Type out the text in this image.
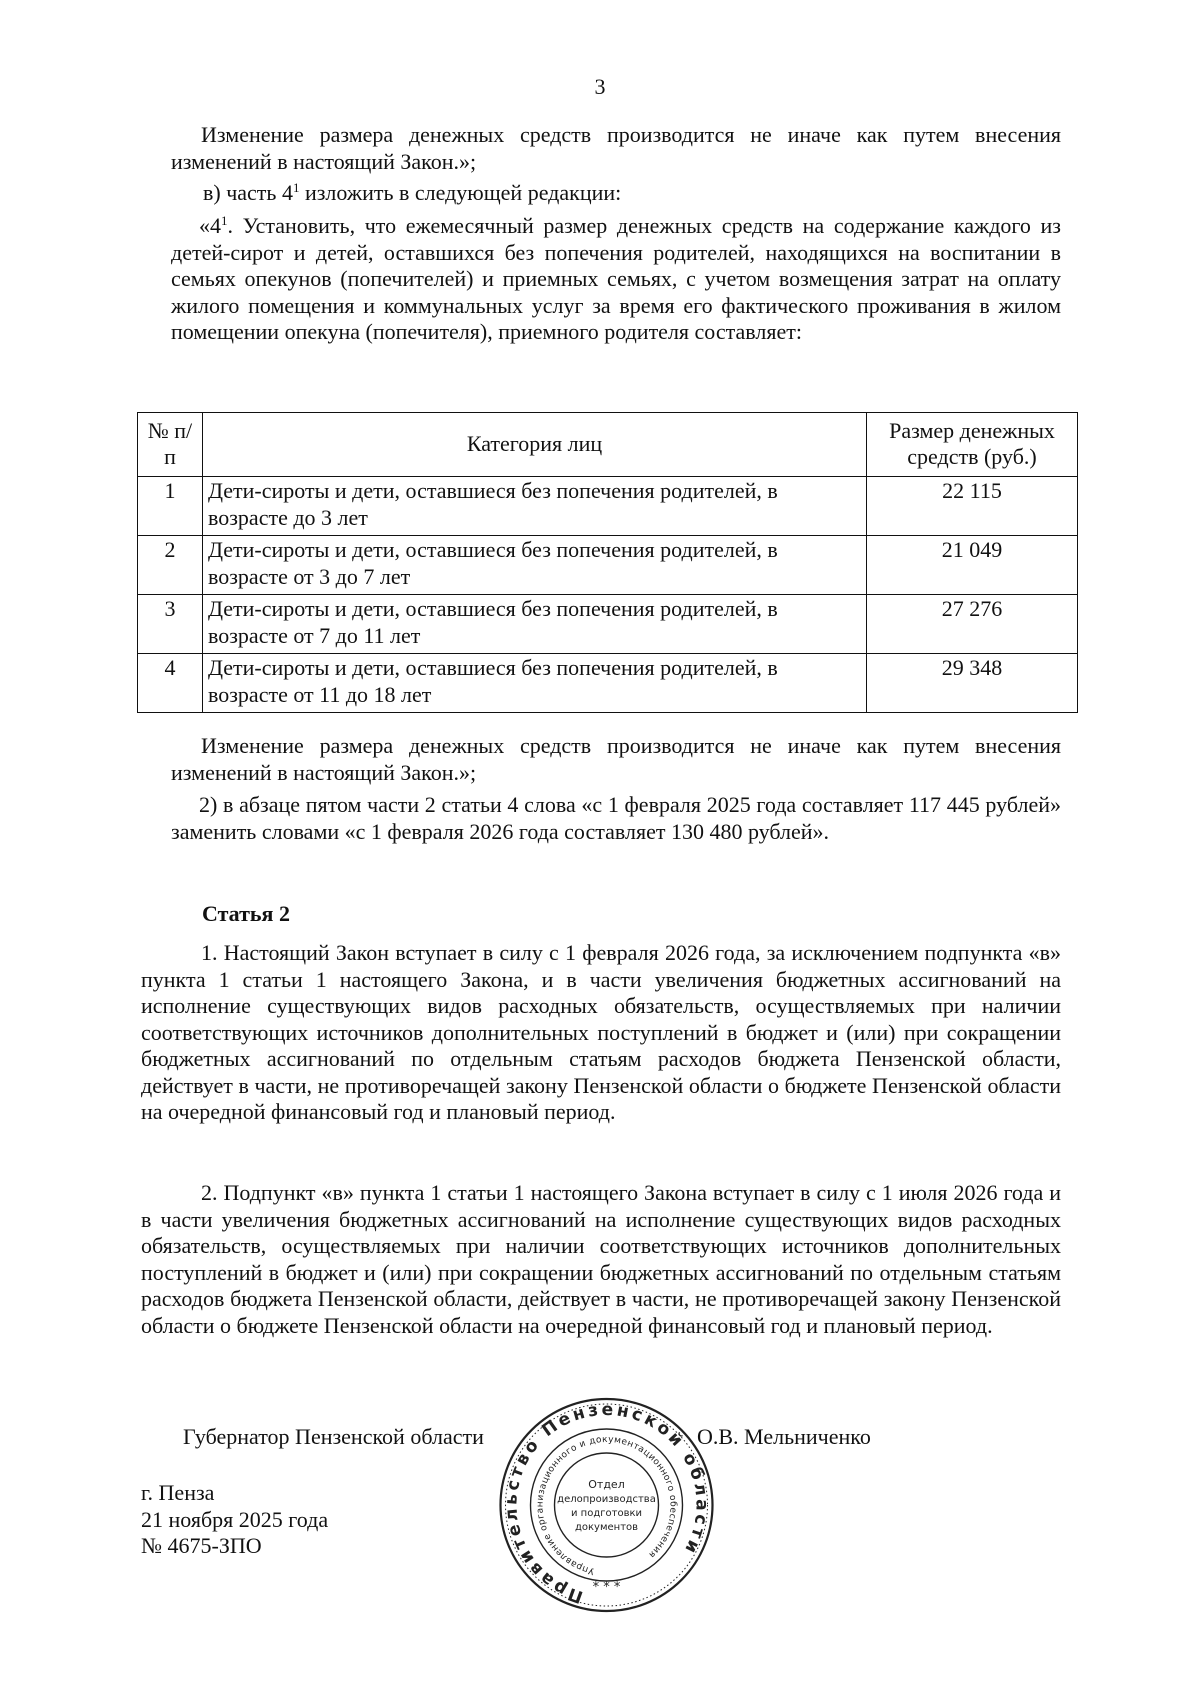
3

Изменение размера денежных средств производится не иначе как путем внесения изменений в настоящий Закон.»;

в) часть $4^1$ изложить в следующей редакции:

«$4^1$. Установить, что ежемесячный размер денежных средств на содержание каждого из детей-сирот и детей, оставшихся без попечения родителей, находящихся на воспитании в семьях опекунов (попечителей) и приемных семьях, с учетом возмещения затрат на оплату жилого помещения и коммунальных услуг за время его фактического проживания в жилом помещении опекуна (попечителя), приемного родителя составляет:

№ п/п	Категория лиц	Размер денежных средств (руб.)
1	Дети-сироты и дети, оставшиеся без попечения родителей, в возрасте до 3 лет	22 115
2	Дети-сироты и дети, оставшиеся без попечения родителей, в возрасте от 3 до 7 лет	21 049
3	Дети-сироты и дети, оставшиеся без попечения родителей, в возрасте от 7 до 11 лет	27 276
4	Дети-сироты и дети, оставшиеся без попечения родителей, в возрасте от 11 до 18 лет	29 348

Изменение размера денежных средств производится не иначе как путем внесения изменений в настоящий Закон.»;

2) в абзаце пятом части 2 статьи 4 слова «с 1 февраля 2025 года составляет 117 445 рублей» заменить словами «с 1 февраля 2026 года составляет 130 480 рублей».

Статья 2

1. Настоящий Закон вступает в силу с 1 февраля 2026 года, за исключением подпункта «в» пункта 1 статьи 1 настоящего Закона, и в части увеличения бюджетных ассигнований на исполнение существующих видов расходных обязательств, осуществляемых при наличии соответствующих источников дополнительных поступлений в бюджет и (или) при сокращении бюджетных ассигнований по отдельным статьям расходов бюджета Пензенской области, действует в части, не противоречащей закону Пензенской области о бюджете Пензенской области на очередной финансовый год и плановый период.

2. Подпункт «в» пункта 1 статьи 1 настоящего Закона вступает в силу с 1 июля 2026 года и в части увеличения бюджетных ассигнований на исполнение существующих видов расходных обязательств, осуществляемых при наличии соответствующих источников дополнительных поступлений в бюджет и (или) при сокращении бюджетных ассигнований по отдельным статьям расходов бюджета Пензенской области, действует в части, не противоречащей закону Пензенской области о бюджете Пензенской области на очередной финансовый год и плановый период.

Губернатор Пензенской области	О.В. Мельниченко
г. Пенза
21 ноября 2025 года
№ 4675-ЗПО
Правительство Пензенской области
Управление организационного и документационного обеспечения
Отдел
делопроизводства
и подготовки
документов
* * *
